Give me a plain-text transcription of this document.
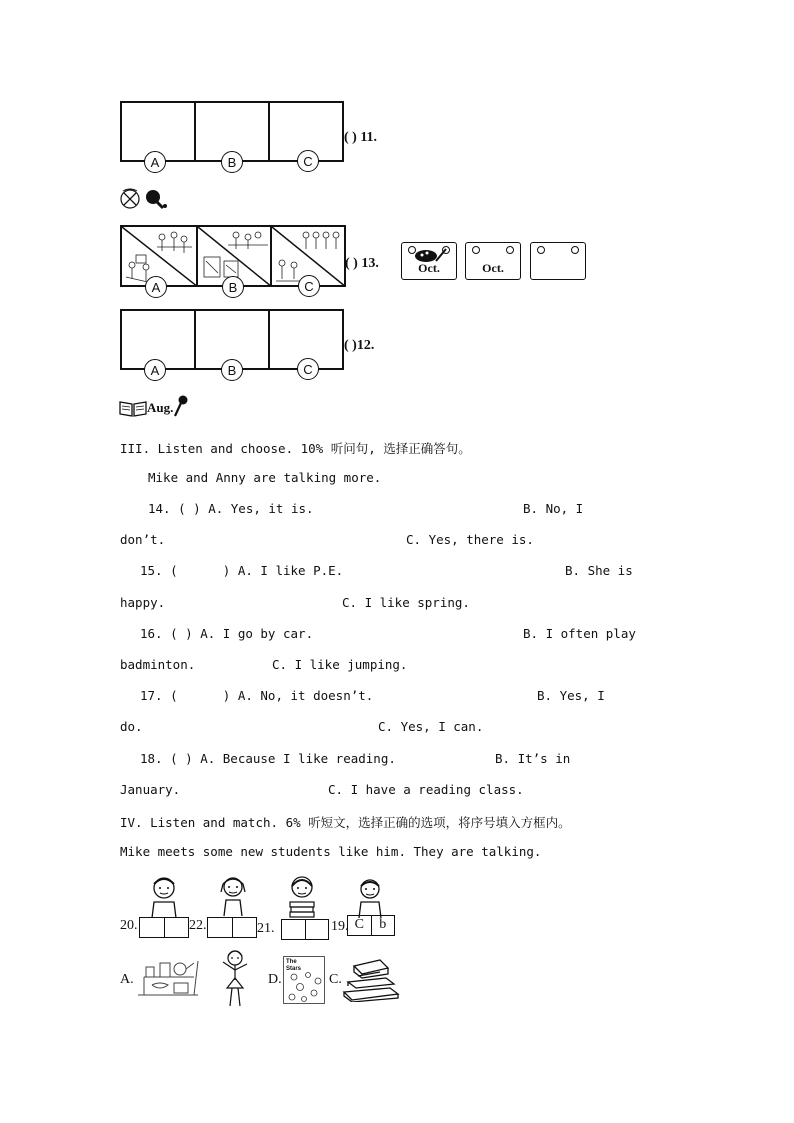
A	B	C
( ) 11.
A	B	C
( ) 13.	Oct.	Oct.
A	B	C
( )12.
Aug.
III. Listen and choose. 10% 听问句, 选择正确答句。
Mike and Anny are talking more.
14. ( ) A. Yes, it is.	B. No, I
don’t.	C. Yes, there is.
15. (      ) A. I like P.E.	B. She is
happy.	C. I like spring.
16. ( ) A. I go by car.	B. I often play
badminton.	C. I like jumping.
17. (      ) A. No, it doesn’t.	B. Yes, I
do.	C. Yes, I can.
18. ( ) A. Because I like reading.	B. It’s in
January.	C. I have a reading class.
IV. Listen and match. 6% 听短文，选择正确的选项，将序号填入方框内。
Mike meets some new students like him. They are talking.
20.	22.	21.	19. C	b
A.	D.
The Stars
C.
